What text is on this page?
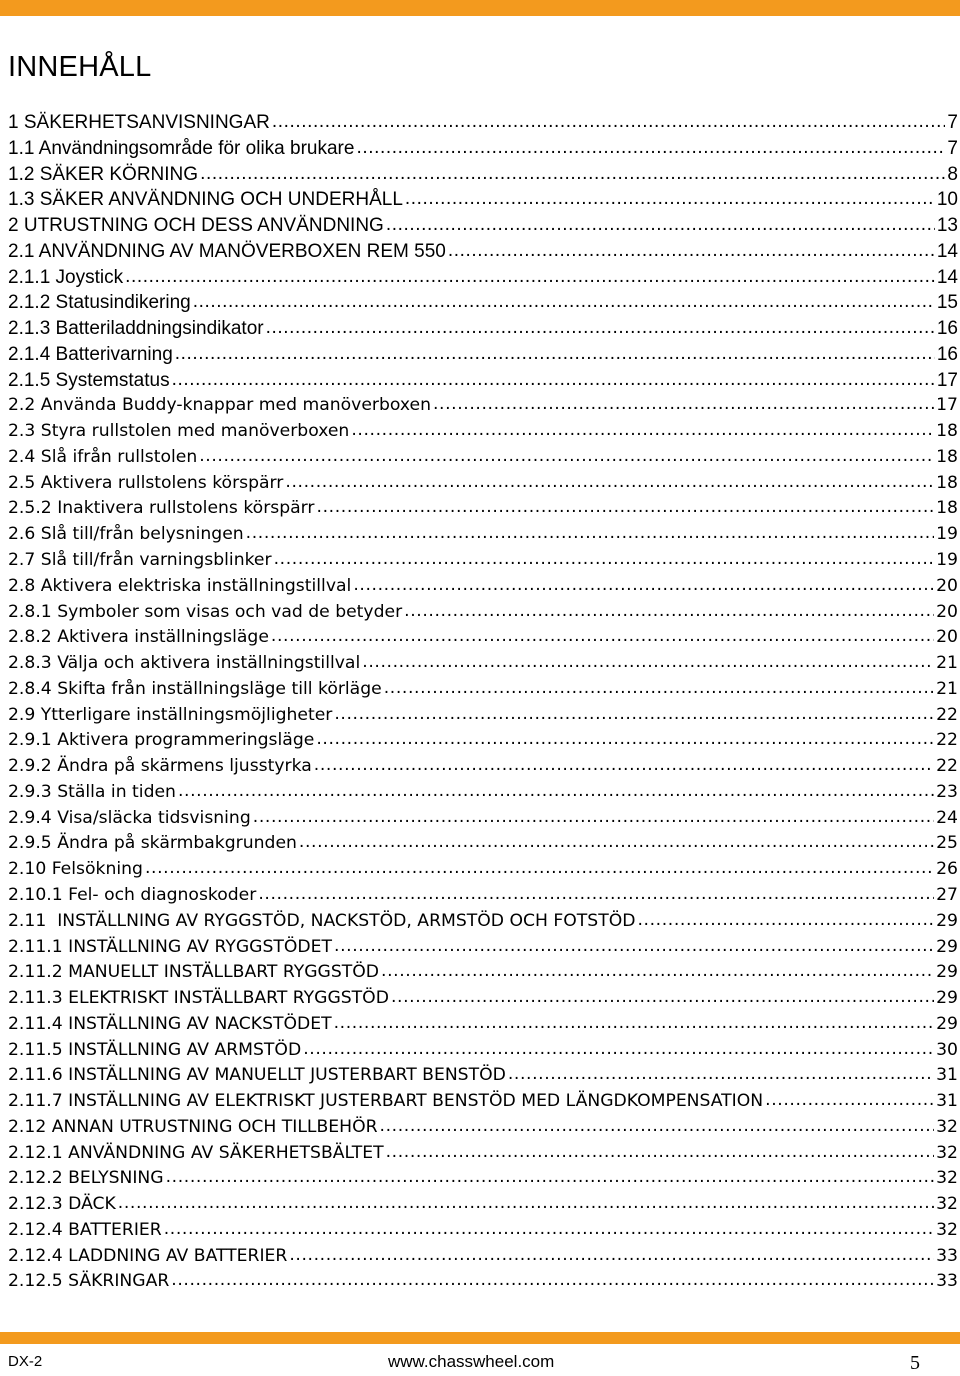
INNEHÅLL
1 SÄKERHETSANVISNINGAR .....	7
1.1 Användningsområde för olika brukare .....	7
1.2 SÄKER KÖRNING .....	8
1.3 SÄKER ANVÄNDNING OCH UNDERHÅLL .....	10
2 UTRUSTNING OCH DESS ANVÄNDNING .....	13
2.1 ANVÄNDNING AV MANÖVERBOXEN REM 550 .....	14
2.1.1 Joystick .....	14
2.1.2 Statusindikering .....	15
2.1.3 Batteriladdningsindikator .....	16
2.1.4 Batterivarning .....	16
2.1.5 Systemstatus .....	17
2.2 Använda Buddy-knappar med manöverboxen .....	17
2.3 Styra rullstolen med manöverboxen .....	18
2.4 Slå ifrån rullstolen .....	18
2.5 Aktivera rullstolens körspärr .....	18
2.5.2 Inaktivera rullstolens körspärr .....	18
2.6 Slå till/från belysningen .....	19
2.7 Slå till/från varningsblinker .....	19
2.8 Aktivera elektriska inställningstillval .....	20
2.8.1 Symboler som visas och vad de betyder .....	20
2.8.2 Aktivera inställningsläge .....	20
2.8.3 Välja och aktivera inställningstillval .....	21
2.8.4 Skifta från inställningsläge till körläge .....	21
2.9 Ytterligare inställningsmöjligheter .....	22
2.9.1 Aktivera programmeringsläge .....	22
2.9.2 Ändra på skärmens ljusstyrka .....	22
2.9.3 Ställa in tiden .....	23
2.9.4 Visa/släcka tidsvisning .....	24
2.9.5 Ändra på skärmbakgrunden .....	25
2.10 Felsökning .....	26
2.10.1 Fel- och diagnoskoder .....	27
2.11  INSTÄLLNING AV RYGGSTÖD, NACKSTÖD, ARMSTÖD OCH FOTSTÖD .....	29
2.11.1 INSTÄLLNING AV RYGGSTÖDET .....	29
2.11.2 MANUELLT INSTÄLLBART RYGGSTÖD .....	29
2.11.3 ELEKTRISKT INSTÄLLBART RYGGSTÖD .....	29
2.11.4 INSTÄLLNING AV NACKSTÖDET .....	29
2.11.5 INSTÄLLNING AV ARMSTÖD .....	30
2.11.6 INSTÄLLNING AV MANUELLT JUSTERBART BENSTÖD .....	31
2.11.7 INSTÄLLNING AV ELEKTRISKT JUSTERBART BENSTÖD MED LÄNGDKOMPENSATION .....	31
2.12 ANNAN UTRUSTNING OCH TILLBEHÖR .....	32
2.12.1 ANVÄNDNING AV SÄKERHETSBÄLTET .....	32
2.12.2 BELYSNING .....	32
2.12.3 DÄCK .....	32
2.12.4 BATTERIER .....	32
2.12.4 LADDNING AV BATTERIER .....	33
2.12.5 SÄKRINGAR .....	33
DX-2	www.chasswheel.com	5
